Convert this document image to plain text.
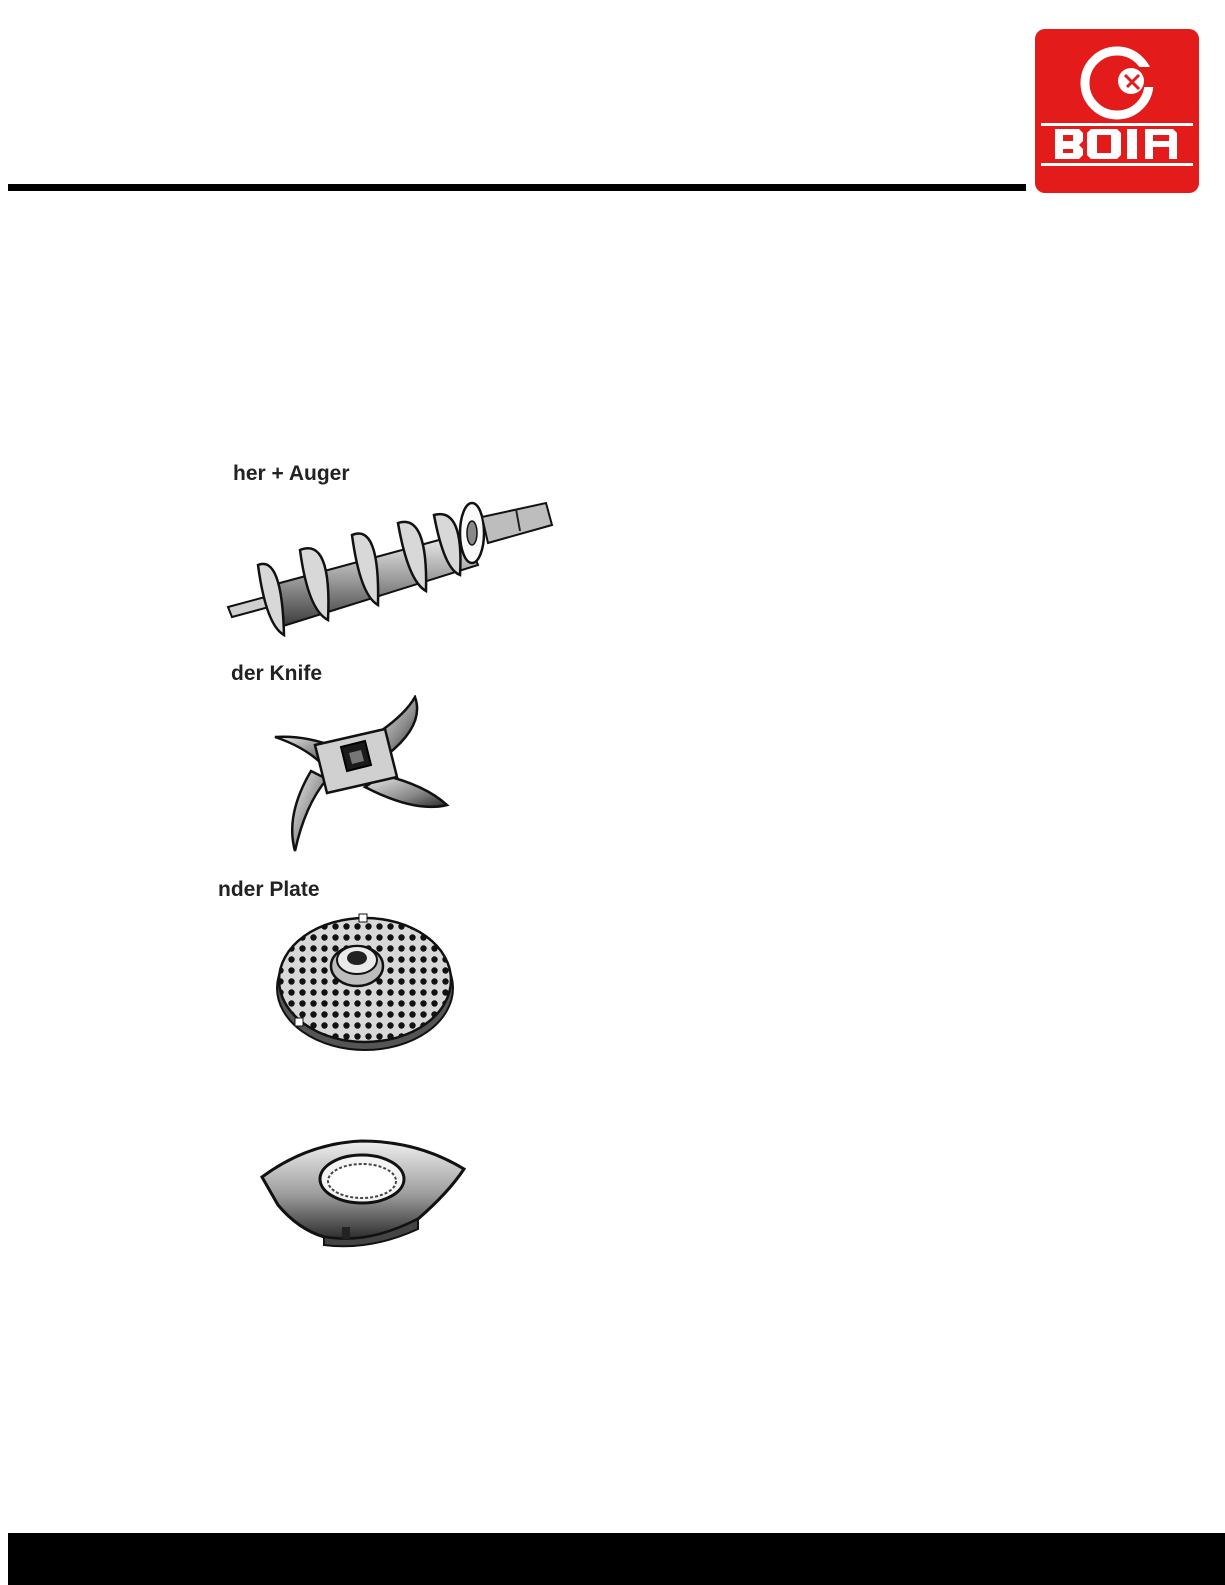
her + Auger
der Knife
nder Plate
